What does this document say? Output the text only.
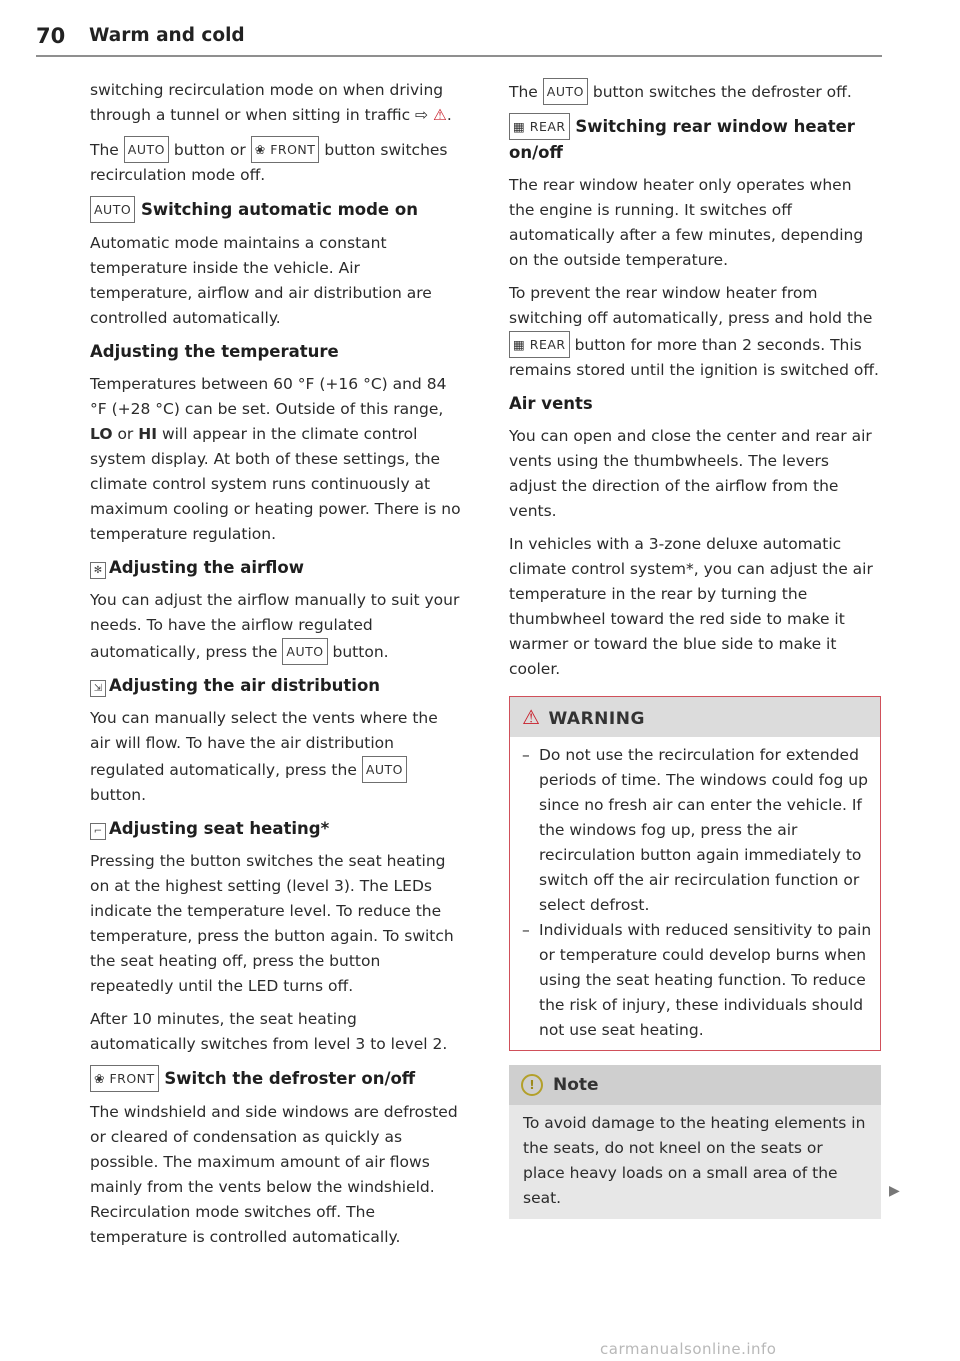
70 Warm and cold

switching recirculation mode on when driving through a tunnel or when sitting in traffic ⇨ ⚠.

The AUTO button or ❀ FRONT button switches recirculation mode off.

AUTO Switching automatic mode on

Automatic mode maintains a constant temperature inside the vehicle. Air temperature, airflow and air distribution are controlled automatically.

Adjusting the temperature

Temperatures between 60 °F (+16 °C) and 84 °F (+28 °C) can be set. Outside of this range, LO or HI will appear in the climate control system display. At both of these settings, the climate control system runs continuously at maximum cooling or heating power. There is no temperature regulation.

✻ Adjusting the airflow

You can adjust the airflow manually to suit your needs. To have the airflow regulated automatically, press the AUTO button.

⇲ Adjusting the air distribution

You can manually select the vents where the air will flow. To have the air distribution regulated automatically, press the AUTO button.

⌐ Adjusting seat heating*

Pressing the button switches the seat heating on at the highest setting (level 3). The LEDs indicate the temperature level. To reduce the temperature, press the button again. To switch the seat heating off, press the button repeatedly until the LED turns off.

After 10 minutes, the seat heating automatically switches from level 3 to level 2.

❀ FRONT Switch the defroster on/off

The windshield and side windows are defrosted or cleared of condensation as quickly as possible. The maximum amount of air flows mainly from the vents below the windshield. Recirculation mode switches off. The temperature is controlled automatically.

The AUTO button switches the defroster off.

▦ REAR Switching rear window heater on/off

The rear window heater only operates when the engine is running. It switches off automatically after a few minutes, depending on the outside temperature.

To prevent the rear window heater from switching off automatically, press and hold the ▦ REAR button for more than 2 seconds. This remains stored until the ignition is switched off.

Air vents

You can open and close the center and rear air vents using the thumbwheels. The levers adjust the direction of the airflow from the vents.

In vehicles with a 3-zone deluxe automatic climate control system*, you can adjust the air temperature in the rear by turning the thumbwheel toward the red side to make it warmer or toward the blue side to make it cooler.

⚠ WARNING
– Do not use the recirculation for extended periods of time. The windows could fog up since no fresh air can enter the vehicle. If the windows fog up, press the air recirculation button again immediately to switch off the air recirculation function or select defrost.
– Individuals with reduced sensitivity to pain or temperature could develop burns when using the seat heating function. To reduce the risk of injury, these individuals should not use seat heating.
! Note

To avoid damage to the heating elements in the seats, do not kneel on the seats or place heavy loads on a small area of the seat.	▶
carmanualsonline.info
